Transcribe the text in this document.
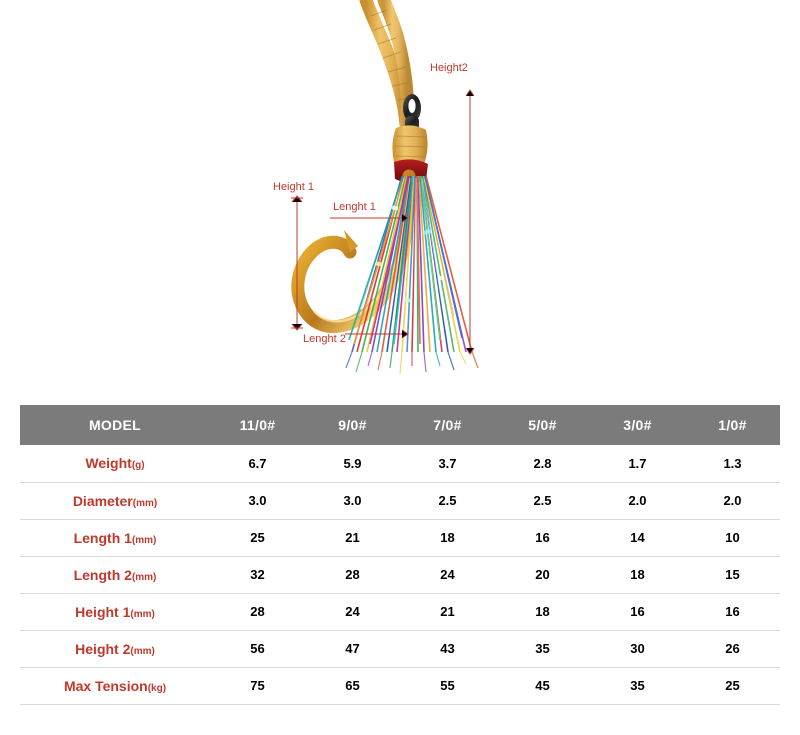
Height2
Height 1
Lenght 1
Lenght 2
MODEL	11/0#	9/0#	7/0#	5/0#	3/0#	1/0#
Weight(g)	6.7	5.9	3.7	2.8	1.7	1.3
Diameter(mm)	3.0	3.0	2.5	2.5	2.0	2.0
Length 1(mm)	25	21	18	16	14	10
Length 2(mm)	32	28	24	20	18	15
Height 1(mm)	28	24	21	18	16	16
Height 2(mm)	56	47	43	35	30	26
Max Tension(kg)	75	65	55	45	35	25
